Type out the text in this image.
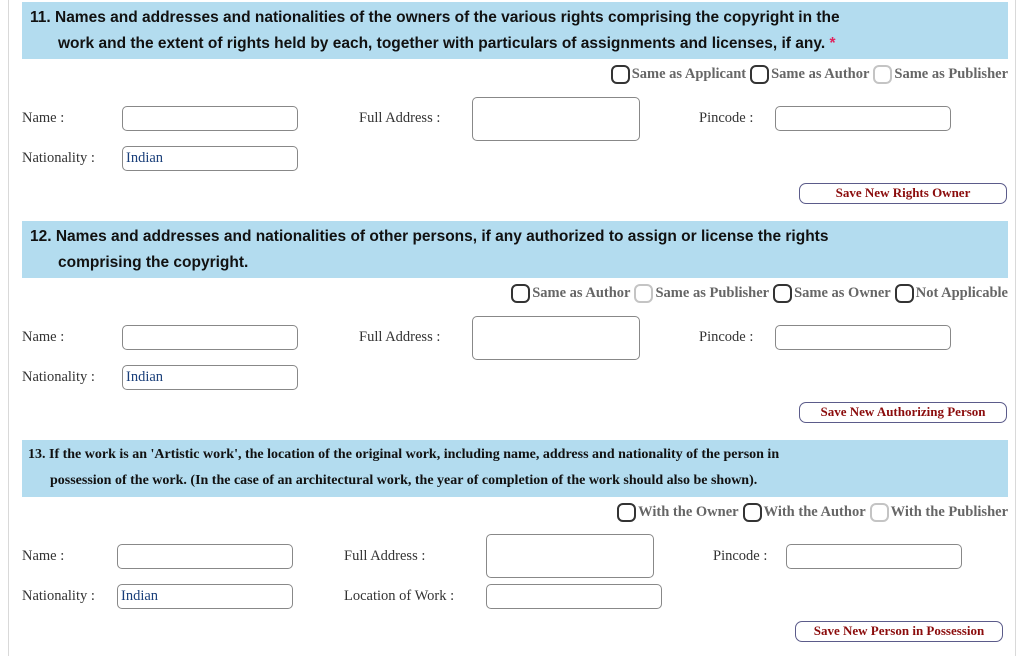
11. Names and addresses and nationalities of the owners of the various rights comprising the copyright in the
work and the extent of rights held by each, together with particulars of assignments and licenses, if any. *
Same as Applicant Same as Author Same as Publisher
Name :	Full Address :	Pincode :
Nationality : Indian
Save New Rights Owner
12. Names and addresses and nationalities of other persons, if any authorized to assign or license the rights
comprising the copyright.
Same as Author Same as Publisher Same as Owner Not Applicable
Name :	Full Address :	Pincode :
Nationality : Indian
Save New Authorizing Person
13. If the work is an 'Artistic work', the location of the original work, including name, address and nationality of the person in
possession of the work. (In the case of an architectural work, the year of completion of the work should also be shown).
With the Owner With the Author With the Publisher
Name :	Full Address :	Pincode :
Nationality : Indian	Location of Work :
Save New Person in Possession
